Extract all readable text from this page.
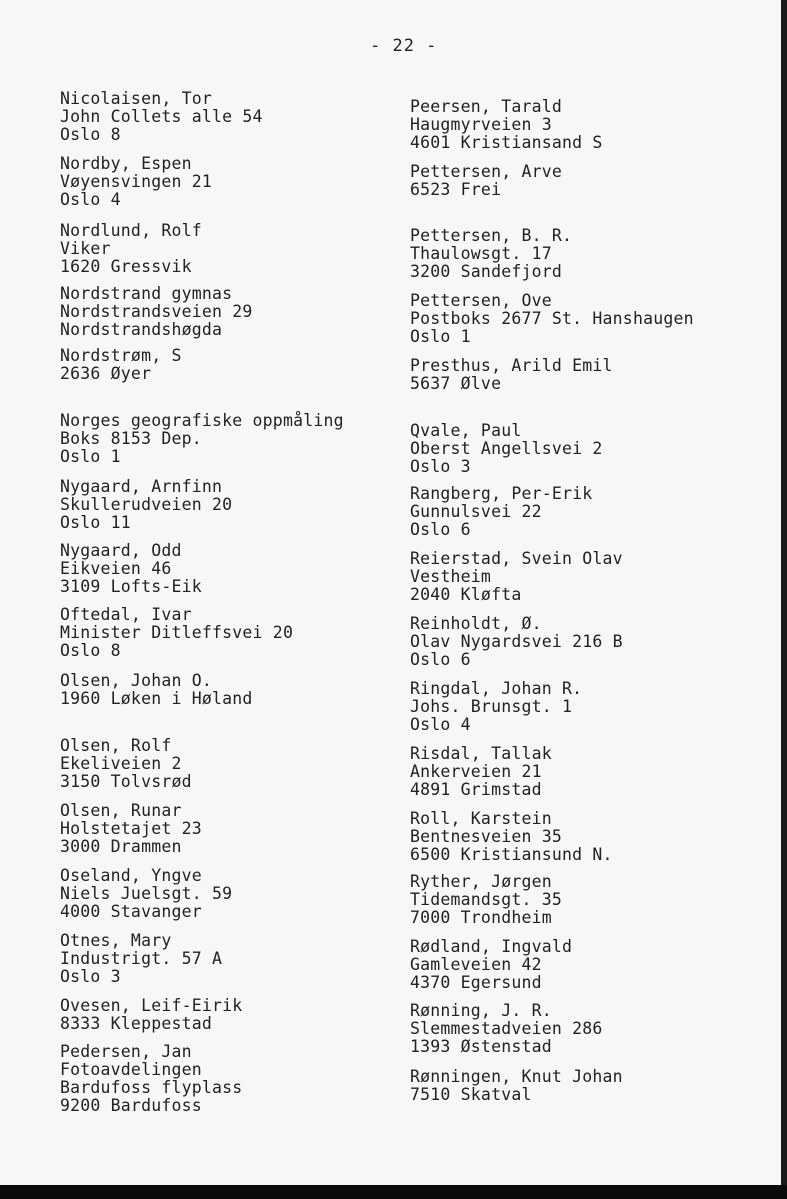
- 22 -
Nicolaisen, Tor
John Collets alle 54
Oslo 8
Nordby, Espen
Vøyensvingen 21
Oslo 4
Nordlund, Rolf
Viker
1620 Gressvik
Nordstrand gymnas
Nordstrandsveien 29
Nordstrandshøgda
Nordstrøm, S
2636 Øyer
Norges geografiske oppmåling
Boks 8153 Dep.
Oslo 1
Nygaard, Arnfinn
Skullerudveien 20
Oslo 11
Nygaard, Odd
Eikveien 46
3109 Lofts-Eik
Oftedal, Ivar
Minister Ditleffsvei 20
Oslo 8
Olsen, Johan O.
1960 Løken i Høland
Olsen, Rolf
Ekeliveien 2
3150 Tolvsrød
Olsen, Runar
Holstetajet 23
3000 Drammen
Oseland, Yngve
Niels Juelsgt. 59
4000 Stavanger
Otnes, Mary
Industrigt. 57 A
Oslo 3
Ovesen, Leif-Eirik
8333 Kleppestad
Pedersen, Jan
Fotoavdelingen
Bardufoss flyplass
9200 Bardufoss
Peersen, Tarald
Haugmyrveien 3
4601 Kristiansand S
Pettersen, Arve
6523 Frei
Pettersen, B. R.
Thaulowsgt. 17
3200 Sandefjord
Pettersen, Ove
Postboks 2677 St. Hanshaugen
Oslo 1
Presthus, Arild Emil
5637 Ølve
Qvale, Paul
Oberst Angellsvei 2
Oslo 3
Rangberg, Per-Erik
Gunnulsvei 22
Oslo 6
Reierstad, Svein Olav
Vestheim
2040 Kløfta
Reinholdt, Ø.
Olav Nygardsvei 216 B
Oslo 6
Ringdal, Johan R.
Johs. Brunsgt. 1
Oslo 4
Risdal, Tallak
Ankerveien 21
4891 Grimstad
Roll, Karstein
Bentnesveien 35
6500 Kristiansund N.
Ryther, Jørgen
Tidemandsgt. 35
7000 Trondheim
Rødland, Ingvald
Gamleveien 42
4370 Egersund
Rønning, J. R.
Slemmestadveien 286
1393 Østenstad
Rønningen, Knut Johan
7510 Skatval
